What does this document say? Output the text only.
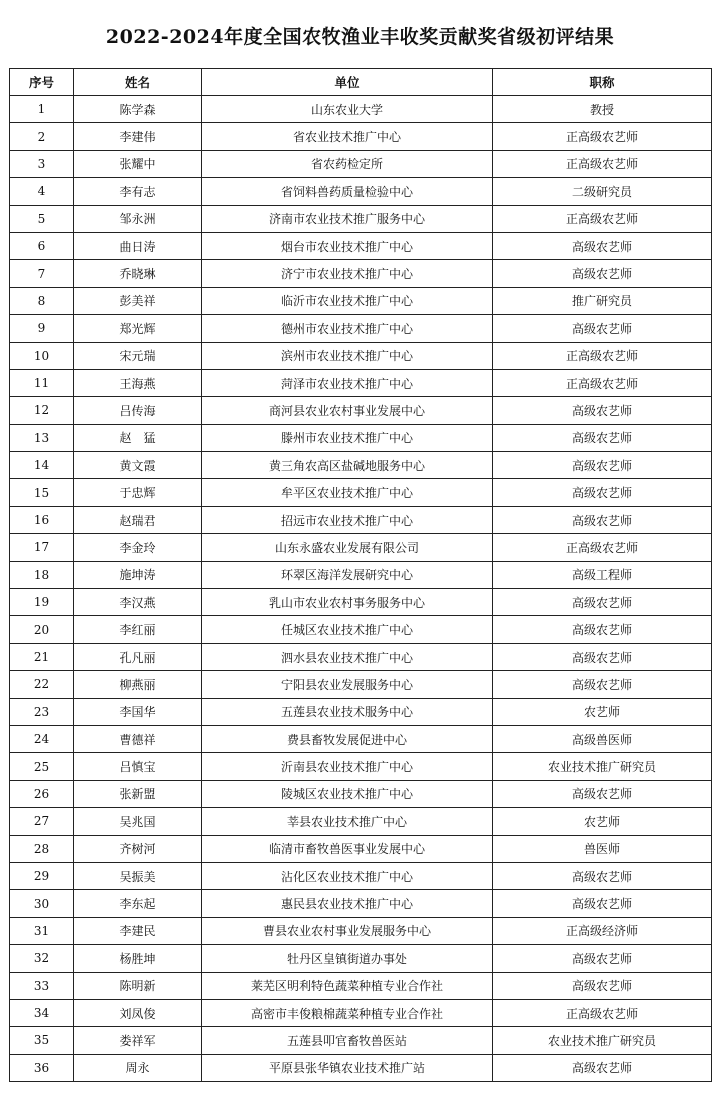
2022-2024年度全国农牧渔业丰收奖贡献奖省级初评结果
序号	姓名	单位	职称
1	陈学森	山东农业大学	教授
2	李建伟	省农业技术推广中心	正高级农艺师
3	张耀中	省农药检定所	正高级农艺师
4	李有志	省饲料兽药质量检验中心	二级研究员
5	邹永洲	济南市农业技术推广服务中心	正高级农艺师
6	曲日涛	烟台市农业技术推广中心	高级农艺师
7	乔晓琳	济宁市农业技术推广中心	高级农艺师
8	彭美祥	临沂市农业技术推广中心	推广研究员
9	郑光辉	德州市农业技术推广中心	高级农艺师
10	宋元瑞	滨州市农业技术推广中心	正高级农艺师
11	王海燕	菏泽市农业技术推广中心	正高级农艺师
12	吕传海	商河县农业农村事业发展中心	高级农艺师
13	赵　猛	滕州市农业技术推广中心	高级农艺师
14	黄文霞	黄三角农高区盐碱地服务中心	高级农艺师
15	于忠辉	牟平区农业技术推广中心	高级农艺师
16	赵瑞君	招远市农业技术推广中心	高级农艺师
17	李金玲	山东永盛农业发展有限公司	正高级农艺师
18	施坤涛	环翠区海洋发展研究中心	高级工程师
19	李汉燕	乳山市农业农村事务服务中心	高级农艺师
20	李红丽	任城区农业技术推广中心	高级农艺师
21	孔凡丽	泗水县农业技术推广中心	高级农艺师
22	柳燕丽	宁阳县农业发展服务中心	高级农艺师
23	李国华	五莲县农业技术服务中心	农艺师
24	曹德祥	费县畜牧发展促进中心	高级兽医师
25	吕慎宝	沂南县农业技术推广中心	农业技术推广研究员
26	张新盟	陵城区农业技术推广中心	高级农艺师
27	吴兆国	莘县农业技术推广中心	农艺师
28	齐树河	临清市畜牧兽医事业发展中心	兽医师
29	吴振美	沾化区农业技术推广中心	高级农艺师
30	李东起	惠民县农业技术推广中心	高级农艺师
31	李建民	曹县农业农村事业发展服务中心	正高级经济师
32	杨胜坤	牡丹区皇镇街道办事处	高级农艺师
33	陈明新	莱芜区明利特色蔬菜种植专业合作社	高级农艺师
34	刘凤俊	高密市丰俊粮棉蔬菜种植专业合作社	正高级农艺师
35	娄祥军	五莲县叩官畜牧兽医站	农业技术推广研究员
36	周永	平原县张华镇农业技术推广站	高级农艺师
